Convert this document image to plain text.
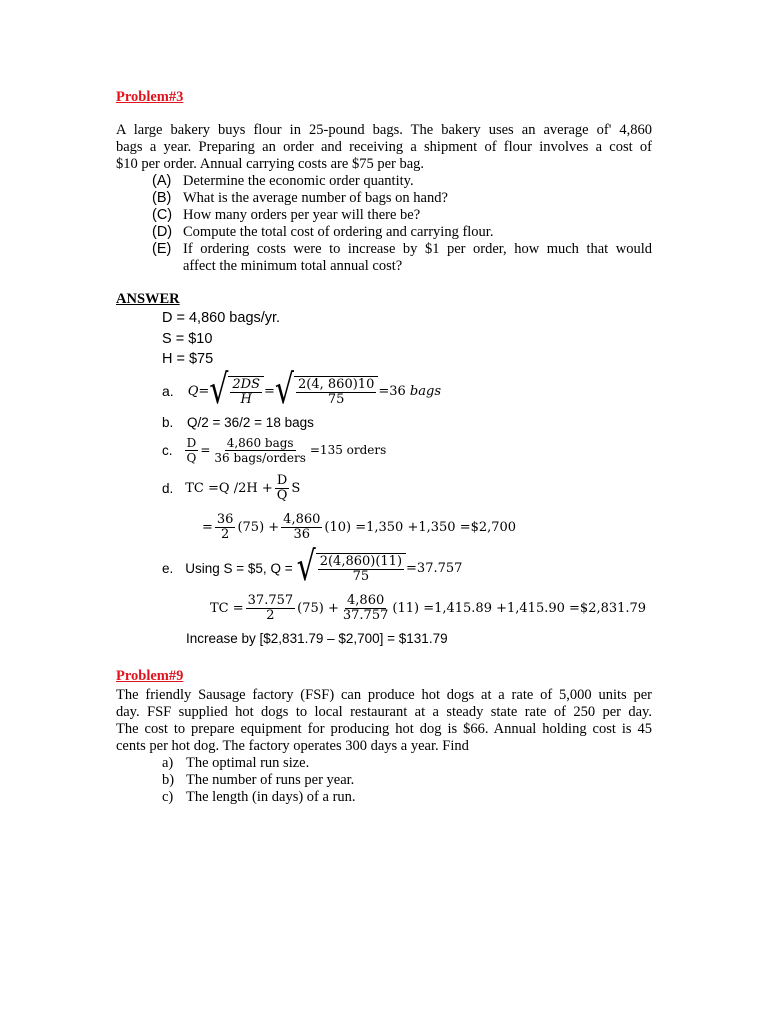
Problem#3
A large bakery buys flour in 25-pound bags. The bakery uses an average of' 4,860
bags a year. Preparing an order and receiving a shipment of flour involves a cost of
$10 per order. Annual carrying costs are $75 per bag.
(A) Determine the economic order quantity.
(B) What is the average number of bags on hand?
(C) How many orders per year will there be?
(D) Compute the total cost of ordering and carrying flour.
(E) If ordering costs were to increase by $1 per order, how much that would
affect the minimum total annual cost?
ANSWER
D = 4,860 bags/yr.
S = $10
H = $75
a. Q = √ $\frac{2DS}{H}$ = √ $\frac{2(4, 860)10}{75} =36$
bags
b. Q/2 = 36/2 = 18 bags
c. $\frac{D}{Q} = \frac{\text{4,860 bags}}{\text{36 bags/orders}} =135$ orders
d. TC =Q $/2H + \frac{D}{Q}$ S
= $\frac{36}{2} (75) + \frac{4,860}{36} (10) =1,350 +1,350$ =$2,700
e. Using S = $5, Q = √ $\frac{2(4,860)(11)}{75} =37.757$
TC = $\frac{37.757}{2} (75) + \frac{4,860}{37.757} (11) =1,415.89 +1,415.90$ =$2,831.79
Increase by [$2,831.79 – $2,700] = $131.79
Problem#9
The friendly Sausage factory (FSF) can produce hot dogs at a rate of 5,000 units per
day. FSF supplied hot dogs to local restaurant at a steady state rate of 250 per day.
The cost to prepare equipment for producing hot dog is $66. Annual holding cost is 45
cents per hot dog. The factory operates 300 days a year. Find
a) The optimal run size.
b) The number of runs per year.
c) The length (in days) of a run.
